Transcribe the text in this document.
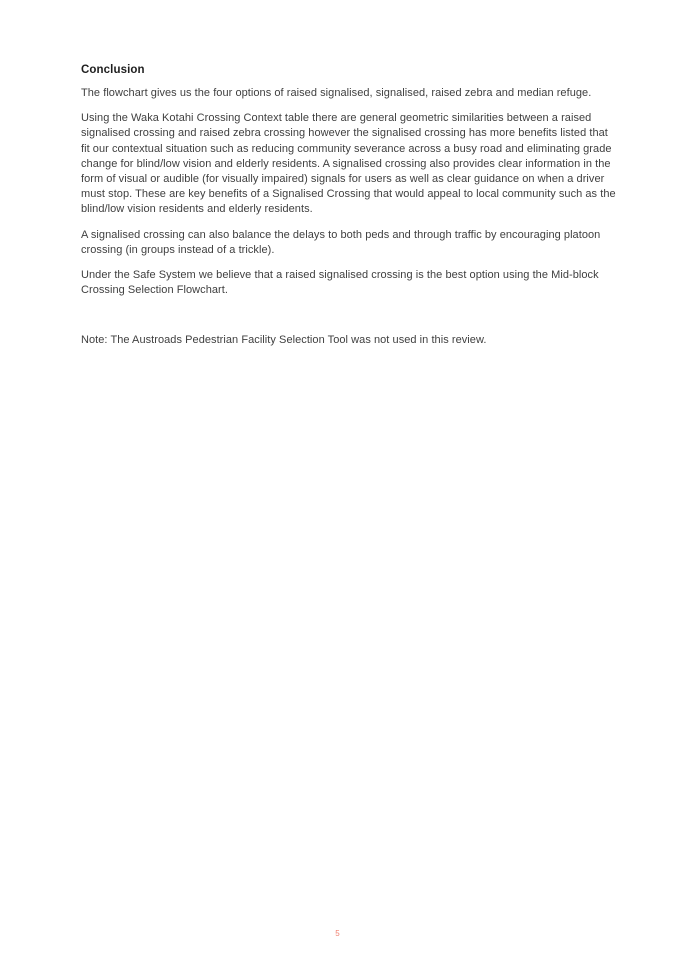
Conclusion

The flowchart gives us the four options of raised signalised, signalised, raised zebra and median refuge.

Using the Waka Kotahi Crossing Context table there are general geometric similarities between a raised signalised crossing and raised zebra crossing however the signalised crossing has more benefits listed that fit our contextual situation such as reducing community severance across a busy road and eliminating grade change for blind/low vision and elderly residents. A signalised crossing also provides clear information in the form of visual or audible (for visually impaired) signals for users as well as clear guidance on when a driver must stop. These are key benefits of a Signalised Crossing that would appeal to local community such as the blind/low vision residents and elderly residents.

A signalised crossing can also balance the delays to both peds and through traffic by encouraging platoon crossing (in groups instead of a trickle).

Under the Safe System we believe that a raised signalised crossing is the best option using the Mid-block Crossing Selection Flowchart.

Note: The Austroads Pedestrian Facility Selection Tool was not used in this review.

5
